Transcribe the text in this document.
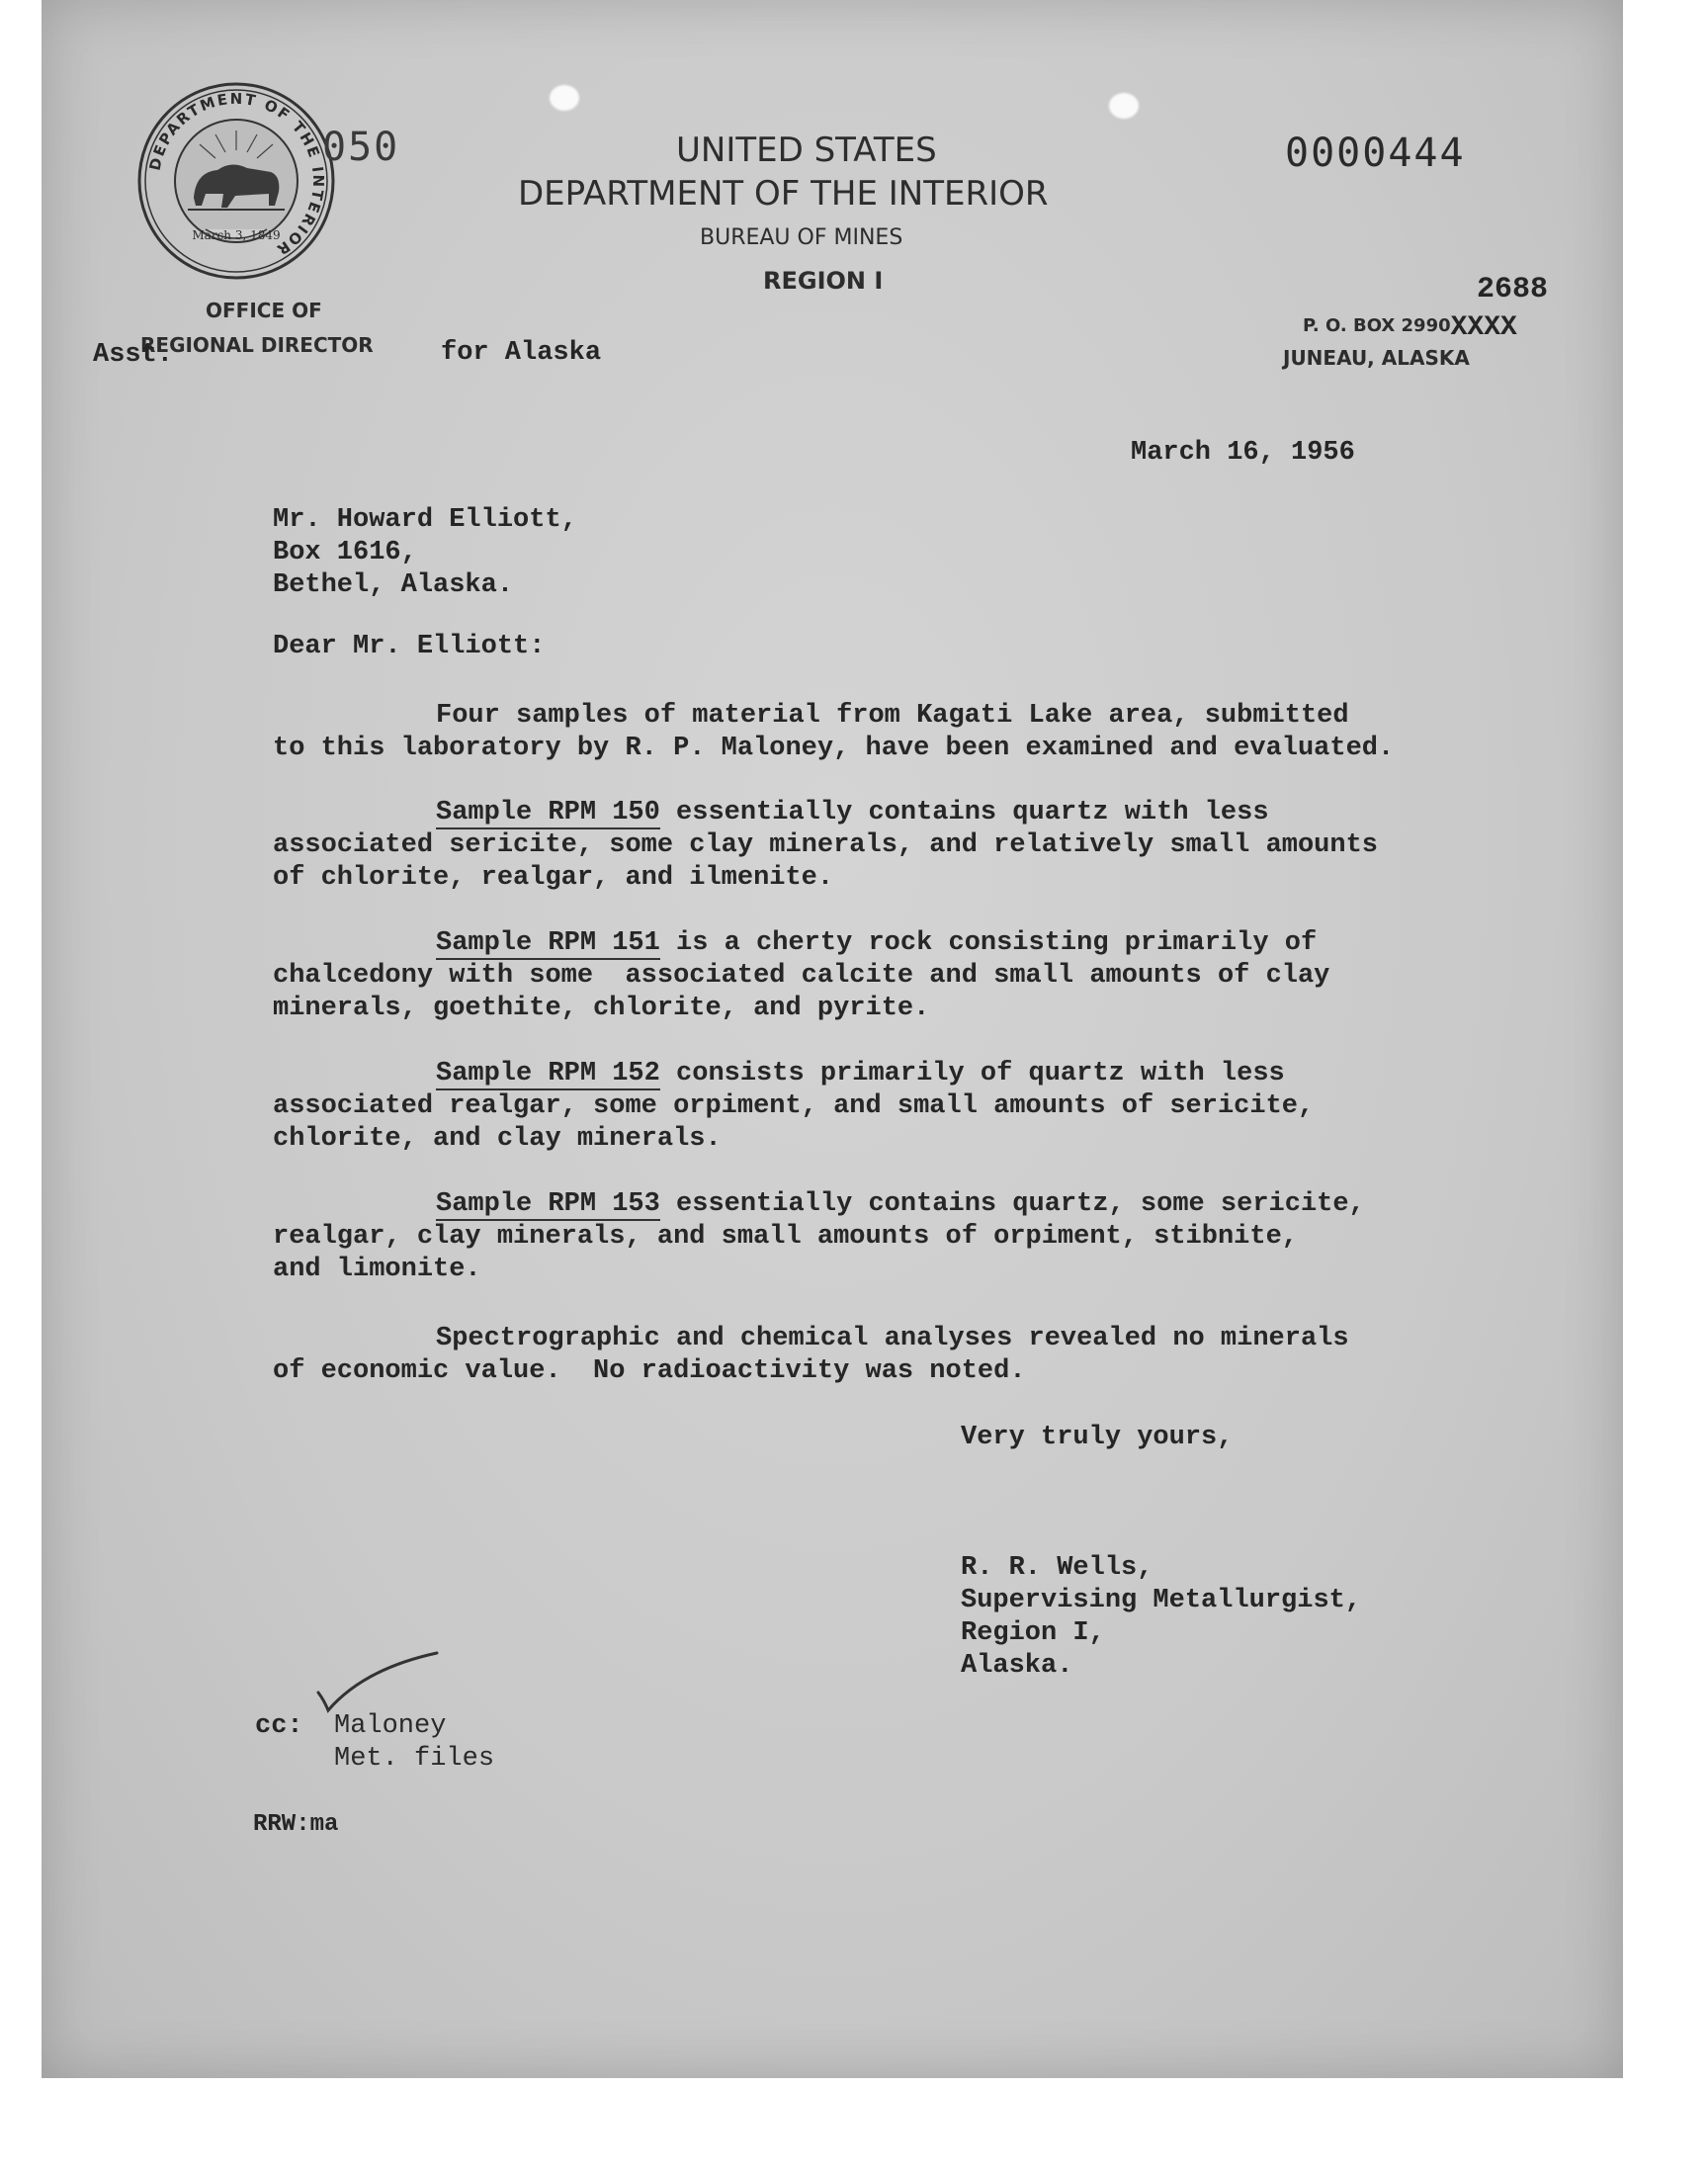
DEPARTMENT OF THE INTERIOR
March 3, 1849
050	0000444
UNITED STATES
DEPARTMENT OF THE INTERIOR
BUREAU OF MINES
REGION I
OFFICE OF
REGIONAL DIRECTOR
Asst.	for Alaska
2688
P. O. BOX 2990XXXX
JUNEAU, ALASKA
March 16, 1956
Mr. Howard Elliott,
Box 1616,
Bethel, Alaska.
Dear Mr. Elliott:
Four samples of material from Kagati Lake area, submitted
to this laboratory by R. P. Maloney, have been examined and evaluated.
Sample RPM 150 essentially contains quartz with less
associated sericite, some clay minerals, and relatively small amounts
of chlorite, realgar, and ilmenite.
Sample RPM 151 is a cherty rock consisting primarily of
chalcedony with some  associated calcite and small amounts of clay
minerals, goethite, chlorite, and pyrite.
Sample RPM 152 consists primarily of quartz with less
associated realgar, some orpiment, and small amounts of sericite,
chlorite, and clay minerals.
Sample RPM 153 essentially contains quartz, some sericite,
realgar, clay minerals, and small amounts of orpiment, stibnite,
and limonite.
Spectrographic and chemical analyses revealed no minerals
of economic value.  No radioactivity was noted.
Very truly yours,
R. R. Wells,
Supervising Metallurgist,
Region I,
Alaska.
cc: Maloney
Met. files
RRW:ma
